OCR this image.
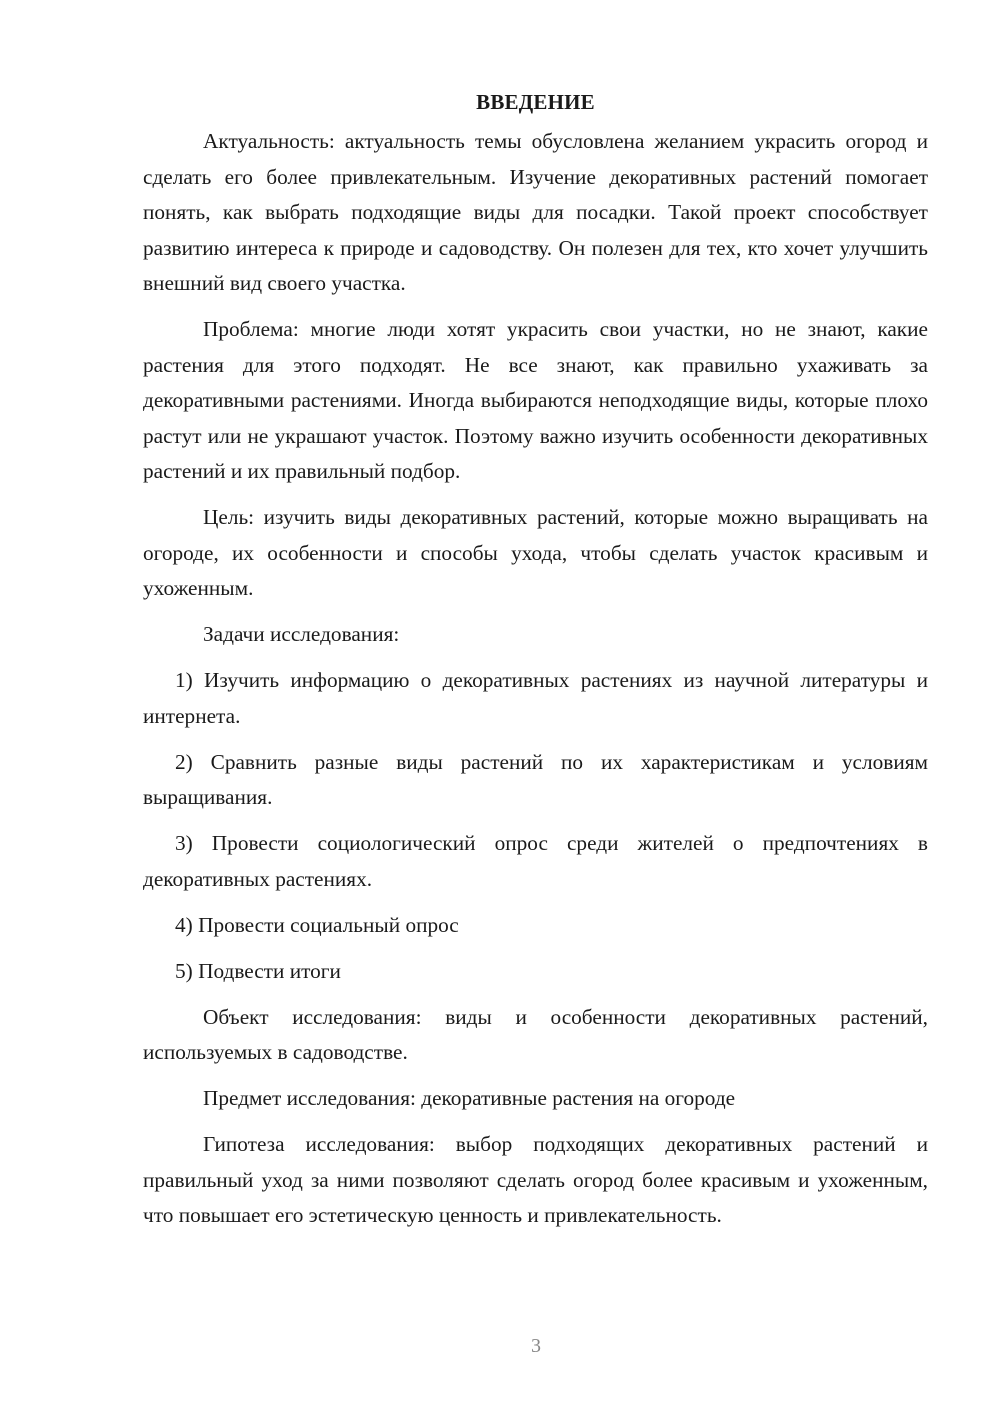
ВВЕДЕНИЕ

Актуальность: актуальность темы обусловлена желанием украсить огород и сделать его более привлекательным. Изучение декоративных растений помогает понять, как выбрать подходящие виды для посадки. Такой проект способствует развитию интереса к природе и садоводству. Он полезен для тех, кто хочет улучшить внешний вид своего участка.

Проблема: многие люди хотят украсить свои участки, но не знают, какие растения для этого подходят. Не все знают, как правильно ухаживать за декоративными растениями. Иногда выбираются неподходящие виды, которые плохо растут или не украшают участок. Поэтому важно изучить особенности декоративных растений и их правильный подбор.

Цель: изучить виды декоративных растений, которые можно выращивать на огороде, их особенности и способы ухода, чтобы сделать участок красивым и ухоженным.

Задачи исследования:

1) Изучить информацию о декоративных растениях из научной литературы и интернета.

2) Сравнить разные виды растений по их характеристикам и условиям выращивания.

3) Провести социологический опрос среди жителей о предпочтениях в декоративных растениях.

4) Провести социальный опрос

5) Подвести итоги

Объект исследования: виды и особенности декоративных растений, используемых в садоводстве.

Предмет исследования: декоративные растения на огороде

Гипотеза исследования: выбор подходящих декоративных растений и правильный уход за ними позволяют сделать огород более красивым и ухоженным, что повышает его эстетическую ценность и привлекательность.

3
